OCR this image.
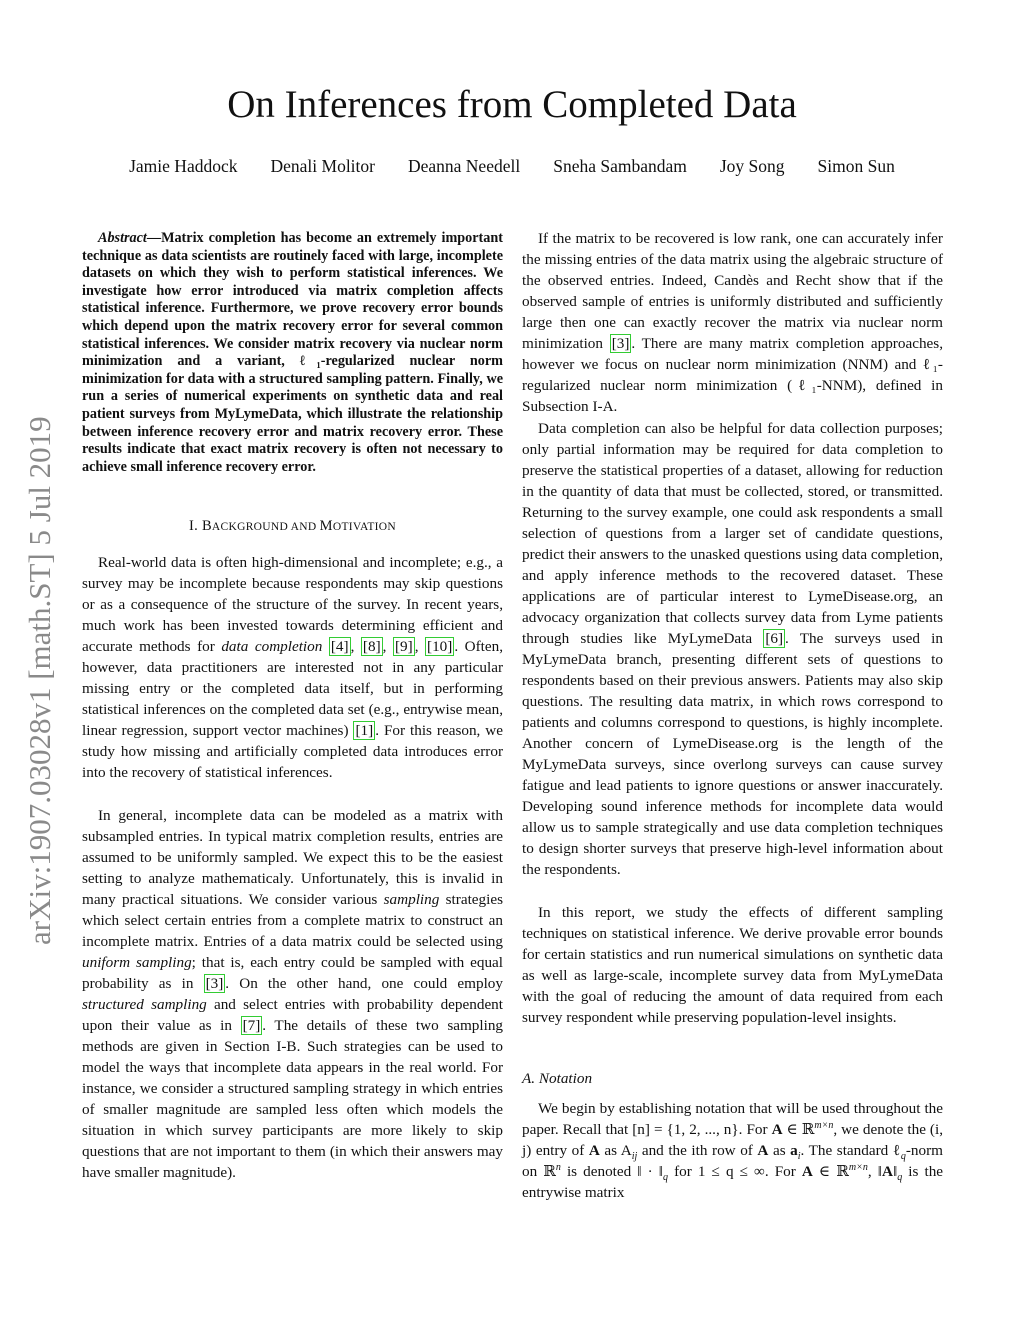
arXiv:1907.03028v1 [math.ST] 5 Jul 2019
On Inferences from Completed Data
Jamie Haddock Denali Molitor Deanna Needell Sneha Sambandam Joy Song Simon Sun

Abstract—Matrix completion has become an extremely important technique as data scientists are routinely faced with large, incomplete datasets on which they wish to perform statistical inferences. We investigate how error introduced via matrix completion affects statistical inference. Furthermore, we prove recovery error bounds which depend upon the matrix recovery error for several common statistical inferences. We consider matrix recovery via nuclear norm minimization and a variant, ℓ₁-regularized nuclear norm minimization for data with a structured sampling pattern. Finally, we run a series of numerical experiments on synthetic data and real patient surveys from MyLymeData, which illustrate the relationship between inference recovery error and matrix recovery error. These results indicate that exact matrix recovery is often not necessary to achieve small inference recovery error.

I. BACKGROUND AND MOTIVATION

Real-world data is often high-dimensional and incomplete; e.g., a survey may be incomplete because respondents may skip questions or as a consequence of the structure of the survey. In recent years, much work has been invested towards determining efficient and accurate methods for data completion [4] , [8] , [9] , [10] . Often, however, data practitioners are interested not in any particular missing entry or the completed data itself, but in performing statistical inferences on the completed data set (e.g., entrywise mean, linear regression, support vector machines) [1] . For this reason, we study how missing and artificially completed data introduces error into the recovery of statistical inferences.

In general, incomplete data can be modeled as a matrix with subsampled entries. In typical matrix completion results, entries are assumed to be uniformly sampled. We expect this to be the easiest setting to analyze mathematicaly. Unfortunately, this is invalid in many practical situations. We consider various sampling strategies which select certain entries from a complete matrix to construct an incomplete matrix. Entries of a data matrix could be selected using uniform sampling; that is, each entry could be sampled with equal probability as in [3] . On the other hand, one could employ structured sampling and select entries with probability dependent upon their value as in [7] . The details of these two sampling methods are given in Section I-B. Such strategies can be used to model the ways that incomplete data appears in the real world. For instance, we consider a structured sampling strategy in which entries of smaller magnitude are sampled less often which models the situation in which survey participants are more likely to skip questions that are not important to them (in which their answers may have smaller magnitude).

If the matrix to be recovered is low rank, one can accurately infer the missing entries of the data matrix using the algebraic structure of the observed entries. Indeed, Candès and Recht show that if the observed sample of entries is uniformly distributed and sufficiently large then one can exactly recover the matrix via nuclear norm minimization [3] . There are many matrix completion approaches, however we focus on nuclear norm minimization (NNM) and ℓ₁-regularized nuclear norm minimization (ℓ₁-NNM), defined in Subsection I-A.

Data completion can also be helpful for data collection purposes; only partial information may be required for data completion to preserve the statistical properties of a dataset, allowing for reduction in the quantity of data that must be collected, stored, or transmitted. Returning to the survey example, one could ask respondents a small selection of questions from a larger set of candidate questions, predict their answers to the unasked questions using data completion, and apply inference methods to the recovered dataset. These applications are of particular interest to LymeDisease.org, an advocacy organization that collects survey data from Lyme patients through studies like MyLymeData [6] . The surveys used in MyLymeData branch, presenting different sets of questions to respondents based on their previous answers. Patients may also skip questions. The resulting data matrix, in which rows correspond to patients and columns correspond to questions, is highly incomplete. Another concern of LymeDisease.org is the length of the MyLymeData surveys, since overlong surveys can cause survey fatigue and lead patients to ignore questions or answer inaccurately. Developing sound inference methods for incomplete data would allow us to sample strategically and use data completion techniques to design shorter surveys that preserve high-level information about the respondents.

In this report, we study the effects of different sampling techniques on statistical inference. We derive provable error bounds for certain statistics and run numerical simulations on synthetic data as well as large-scale, incomplete survey data from MyLymeData with the goal of reducing the amount of data required from each survey respondent while preserving population-level insights.

A. Notation

We begin by establishing notation that will be used throughout the paper. Recall that [n] = {1, 2, ..., n}. For A ∈ ℝ$^{m\times n}$, we denote the (i, j) entry of A as $A_{ij}$ and the ith row of A as $a_i$. The standard ℓ$_q$-norm on ℝ$^n$ is denoted ‖ · $‖_q$ for 1 ≤ q ≤ ∞. For A ∈ ℝ$^{m\times n}$, $‖A‖_q$ is the entrywise matrix
